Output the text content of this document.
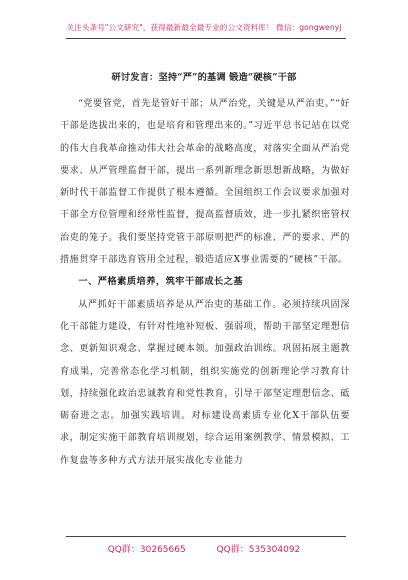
关注头条号"公文研究"，获得最新最全最专业的公文资料库！ 微信：gongwenyj
研讨发言：坚持“严”的基调 锻造“硬核”干部

“党要管党，首先是管好干部；从严治党，关键是从严治吏。”“好干部是选拔出来的，也是培育和管理出来的。”习近平总书记站在以党的伟大自我革命推动伟大社会革命的战略高度，对落实全面从严治党要求、从严管理监督干部，提出一系列新理念新思想新战略，为做好新时代干部监督工作提供了根本遵循。全国组织工作会议要求加强对干部全方位管理和经常性监督，提高监督质效，进一步扎紧织密管权治吏的笼子。我们要坚持党管干部原则把严的标准、严的要求、严的措施贯穿干部选育管用全过程，锻造适应X事业需要的“硬核”干部。

一、严格素质培养，筑牢干部成长之基

从严抓好干部素质培养是从严治吏的基础工作。必须持续巩固深化干部能力建设，有针对性地补短板、强弱项，帮助干部坚定理想信念、更新知识观念、掌握过硬本领。加强政治训练。巩固拓展主题教育成果，完善常态化学习机制，组织实施党的创新理论学习教育计划，持续强化政治忠诚教育和党性教育，引导干部坚定理想信念、砥砺奋进之志。加强实践培训。对标建设高素质专业化X干部队伍要求，制定实施干部教育培训规划，综合运用案例教学、情景模拟、工作复盘等多种方式方法开展实战化专业能力

QQ群：30265665	QQ群：535304092
